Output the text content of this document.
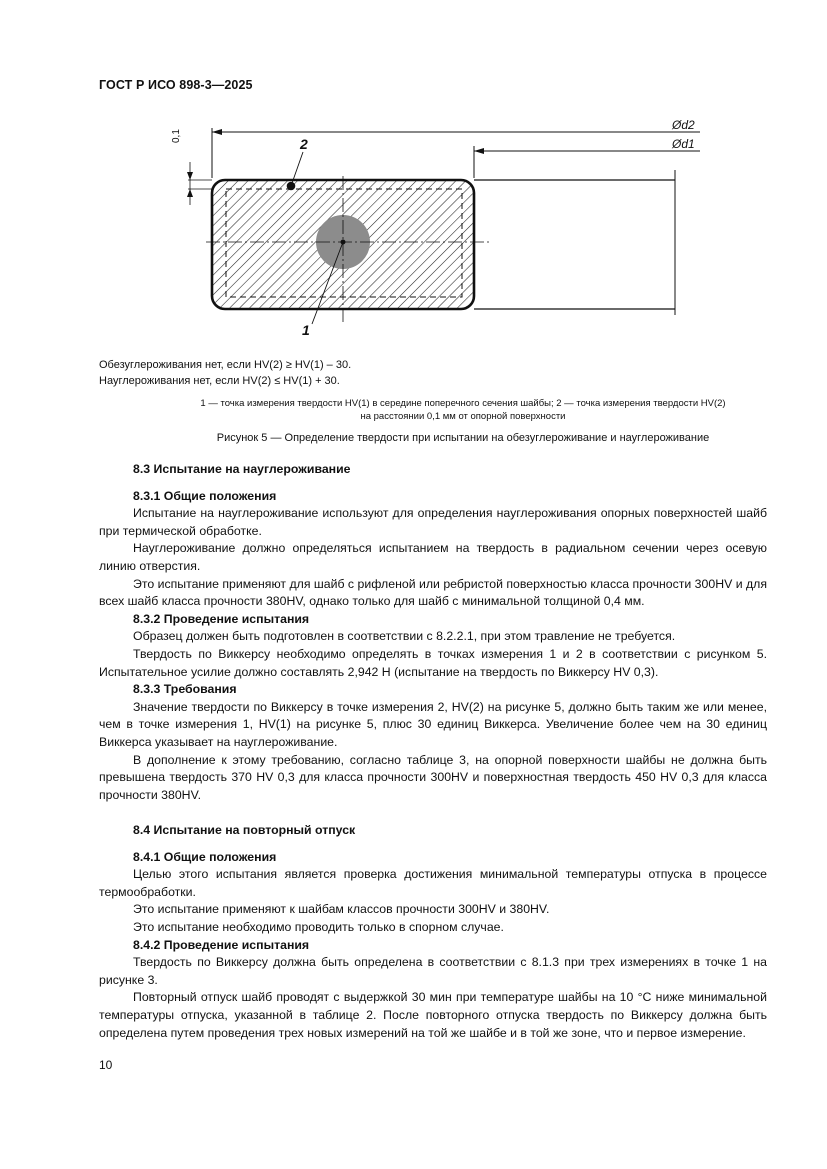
ГОСТ Р ИСО 898-3—2025
Ød2
Ød1
0,1	2
1
Обезуглероживания нет, если HV(2) ≥ HV(1) – 30.
Науглероживания нет, если HV(2) ≤ HV(1) + 30.
1 — точка измерения твердости HV(1) в середине поперечного сечения шайбы; 2 — точка измерения твердости HV(2)
на расстоянии 0,1 мм от опорной поверхности
Рисунок 5 — Определение твердости при испытании на обезуглероживание и науглероживание
8.3 Испытание на науглероживание
8.3.1 Общие положения

Испытание на науглероживание используют для определения науглероживания опорных поверхностей шайб при термической обработке.

Науглероживание должно определяться испытанием на твердость в радиальном сечении через осевую линию отверстия.

Это испытание применяют для шайб с рифленой или ребристой поверхностью класса прочности 300HV и для всех шайб класса прочности 380HV, однако только для шайб с минимальной толщиной 0,4 мм.

8.3.2 Проведение испытания

Образец должен быть подготовлен в соответствии с 8.2.2.1, при этом травление не требуется.

Твердость по Виккерсу необходимо определять в точках измерения 1 и 2 в соответствии с рисунком 5. Испытательное усилие должно составлять 2,942 Н (испытание на твердость по Виккерсу HV 0,3).

8.3.3 Требования

Значение твердости по Виккерсу в точке измерения 2, HV(2) на рисунке 5, должно быть таким же или менее, чем в точке измерения 1, HV(1) на рисунке 5, плюс 30 единиц Виккерса. Увеличение более чем на 30 единиц Виккерса указывает на науглероживание.

В дополнение к этому требованию, согласно таблице 3, на опорной поверхности шайбы не должна быть превышена твердость 370 HV 0,3 для класса прочности 300HV и поверхностная твердость 450 HV 0,3 для класса прочности 380HV.

8.4 Испытание на повторный отпуск
8.4.1 Общие положения

Целью этого испытания является проверка достижения минимальной температуры отпуска в процессе термообработки.

Это испытание применяют к шайбам классов прочности 300HV и 380HV.

Это испытание необходимо проводить только в спорном случае.

8.4.2 Проведение испытания

Твердость по Виккерсу должна быть определена в соответствии с 8.1.3 при трех измерениях в точке 1 на рисунке 3.

Повторный отпуск шайб проводят с выдержкой 30 мин при температуре шайбы на 10 °С ниже минимальной температуры отпуска, указанной в таблице 2. После повторного отпуска твердость по Виккерсу должна быть определена путем проведения трех новых измерений на той же шайбе и в той же зоне, что и первое измерение.

10
